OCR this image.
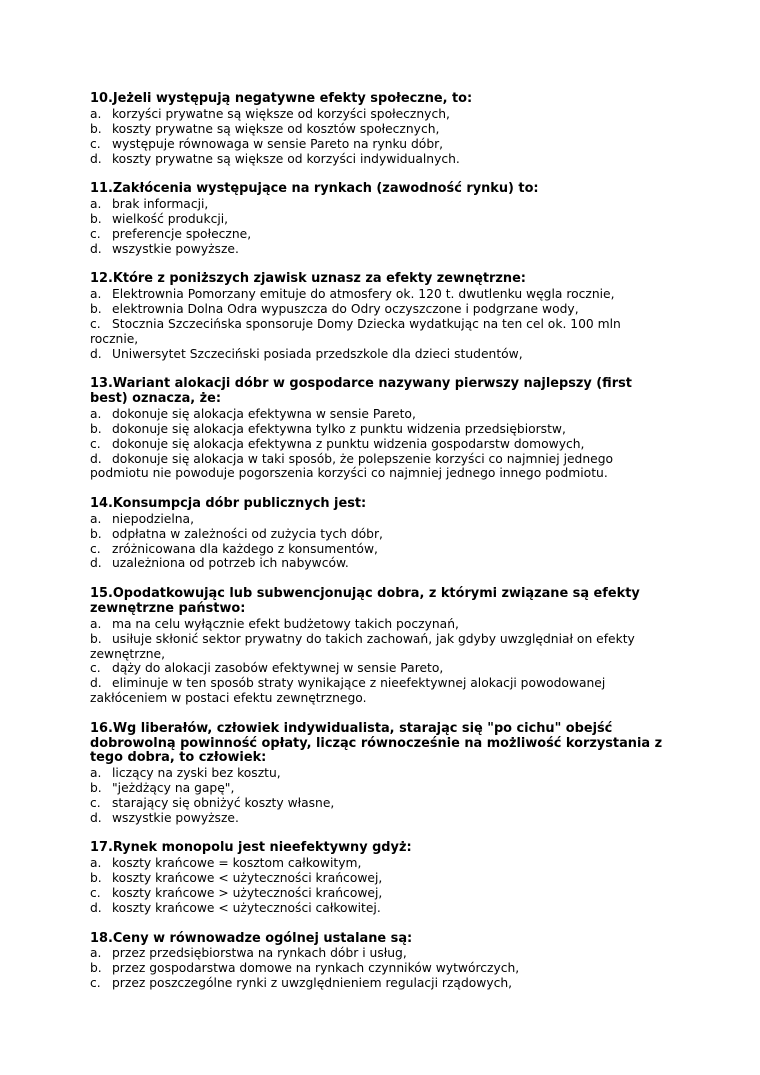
10.Jeżeli występują negatywne efekty społeczne, to:

a. korzyści prywatne są większe od korzyści społecznych,

b. koszty prywatne są większe od kosztów społecznych,

c. występuje równowaga w sensie Pareto na rynku dóbr,

d. koszty prywatne są większe od korzyści indywidualnych.

11.Zakłócenia występujące na rynkach (zawodność rynku) to:

a. brak informacji,

b. wielkość produkcji,

c. preferencje społeczne,

d. wszystkie powyższe.

12.Które z poniższych zjawisk uznasz za efekty zewnętrzne:

a. Elektrownia Pomorzany emituje do atmosfery ok. 120 t. dwutlenku węgla rocznie,

b. elektrownia Dolna Odra wypuszcza do Odry oczyszczone i podgrzane wody,

c. Stocznia Szczecińska sponsoruje Domy Dziecka wydatkując na ten cel ok. 100 mln rocznie,

d. Uniwersytet Szczeciński posiada przedszkole dla dzieci studentów,

13.Wariant alokacji dóbr w gospodarce nazywany pierwszy najlepszy (first best) oznacza, że:

a. dokonuje się alokacja efektywna w sensie Pareto,

b. dokonuje się alokacja efektywna tylko z punktu widzenia przedsiębiorstw,

c. dokonuje się alokacja efektywna z punktu widzenia gospodarstw domowych,

d. dokonuje się alokacja w taki sposób, że polepszenie korzyści co najmniej jednego podmiotu nie powoduje pogorszenia korzyści co najmniej jednego innego podmiotu.

14.Konsumpcja dóbr publicznych jest:

a. niepodzielna,

b. odpłatna w zależności od zużycia tych dóbr,

c. zróżnicowana dla każdego z konsumentów,

d. uzależniona od potrzeb ich nabywców.

15.Opodatkowując lub subwencjonując dobra, z którymi związane są efekty zewnętrzne państwo:

a. ma na celu wyłącznie efekt budżetowy takich poczynań,

b. usiłuje skłonić sektor prywatny do takich zachowań, jak gdyby uwzględniał on efekty zewnętrzne,

c. dąży do alokacji zasobów efektywnej w sensie Pareto,

d. eliminuje w ten sposób straty wynikające z nieefektywnej alokacji powodowanej zakłóceniem w postaci efektu zewnętrznego.

16.Wg liberałów, człowiek indywidualista, starając się "po cichu" obejść dobrowolną powinność opłaty, licząc równocześnie na możliwość korzystania z tego dobra, to człowiek:

a. liczący na zyski bez kosztu,

b. "jeżdżący na gapę",

c. starający się obniżyć koszty własne,

d. wszystkie powyższe.

17.Rynek monopolu jest nieefektywny gdyż:

a. koszty krańcowe = kosztom całkowitym,

b. koszty krańcowe < użyteczności krańcowej,

c. koszty krańcowe > użyteczności krańcowej,

d. koszty krańcowe < użyteczności całkowitej.

18.Ceny w równowadze ogólnej ustalane są:

a. przez przedsiębiorstwa na rynkach dóbr i usług,

b. przez gospodarstwa domowe na rynkach czynników wytwórczych,

c. przez poszczególne rynki z uwzględnieniem regulacji rządowych,
